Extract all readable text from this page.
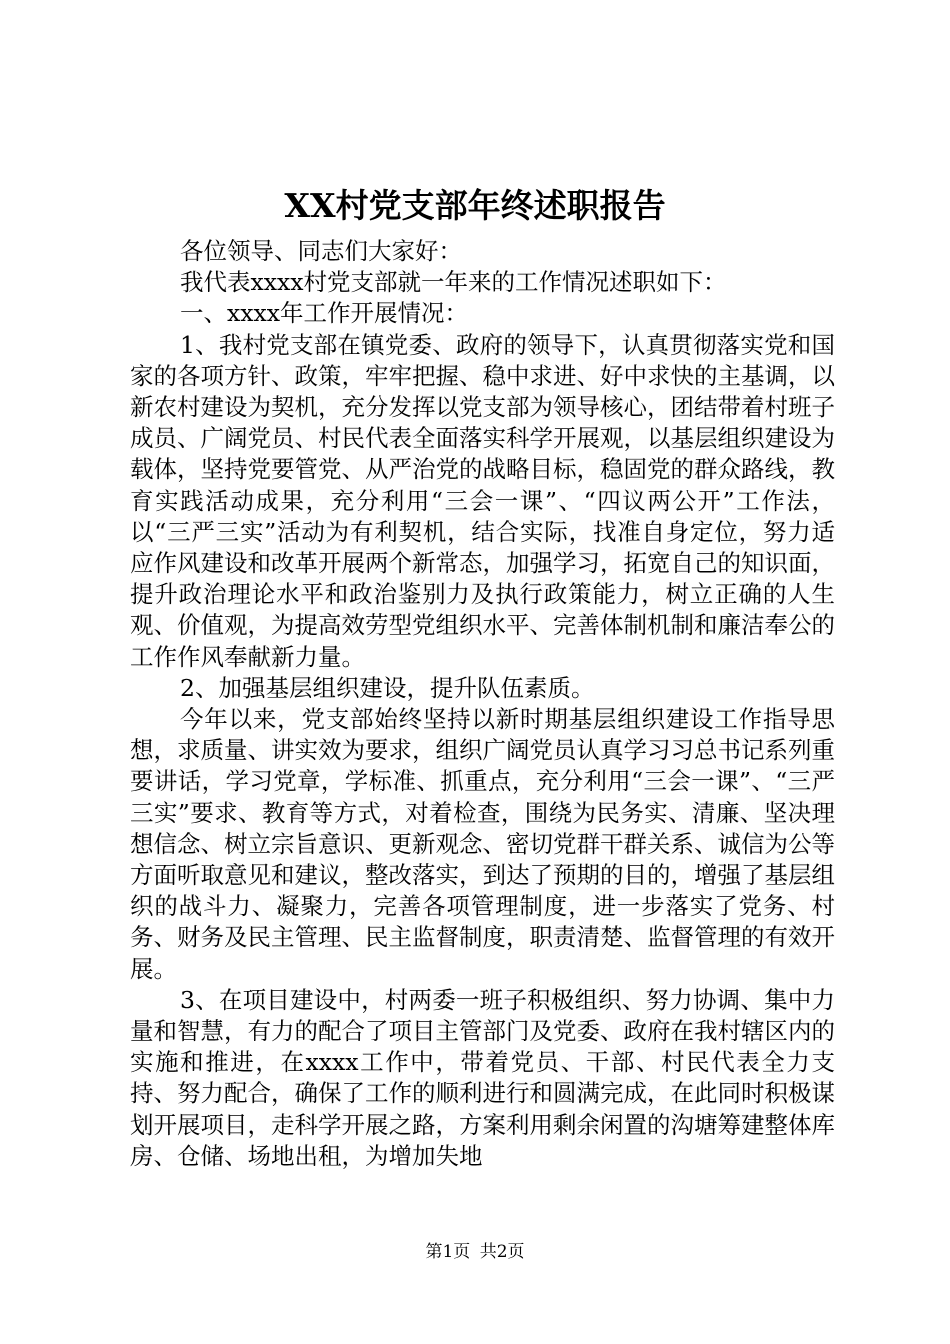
XX村党支部年终述职报告

各位领导、同志们大家好：

我代表xxxx村党支部就一年来的工作情况述职如下：

一、xxxx年工作开展情况：

1、我村党支部在镇党委、政府的领导下，认真贯彻落实党和国家的各项方针、政策，牢牢把握、稳中求进、好中求快的主基调，以新农村建设为契机，充分发挥以党支部为领导核心，团结带着村班子成员、广阔党员、村民代表全面落实科学开展观，以基层组织建设为载体，坚持党要管党、从严治党的战略目标，稳固党的群众路线，教育实践活动成果，充分利用“三会一课”、“四议两公开”工作法，以“三严三实”活动为有利契机，结合实际，找准自身定位，努力适应作风建设和改革开展两个新常态，加强学习，拓宽自己的知识面，提升政治理论水平和政治鉴别力及执行政策能力，树立正确的人生观、价值观，为提高效劳型党组织水平、完善体制机制和廉洁奉公的工作作风奉献新力量。

2、加强基层组织建设，提升队伍素质。

今年以来，党支部始终坚持以新时期基层组织建设工作指导思想，求质量、讲实效为要求，组织广阔党员认真学习习总书记系列重要讲话，学习党章，学标准、抓重点，充分利用“三会一课”、“三严三实”要求、教育等方式，对着检查，围绕为民务实、清廉、坚决理想信念、树立宗旨意识、更新观念、密切党群干群关系、诚信为公等方面听取意见和建议，整改落实，到达了预期的目的，增强了基层组织的战斗力、凝聚力，完善各项管理制度，进一步落实了党务、村务、财务及民主管理、民主监督制度，职责清楚、监督管理的有效开展。

3、在项目建设中，村两委一班子积极组织、努力协调、集中力量和智慧，有力的配合了项目主管部门及党委、政府在我村辖区内的实施和推进，在xxxx工作中，带着党员、干部、村民代表全力支持、努力配合，确保了工作的顺利进行和圆满完成，在此同时积极谋划开展项目，走科学开展之路，方案利用剩余闲置的沟塘筹建整体库房、仓储、场地出租，为增加失地

第1页 共2页
